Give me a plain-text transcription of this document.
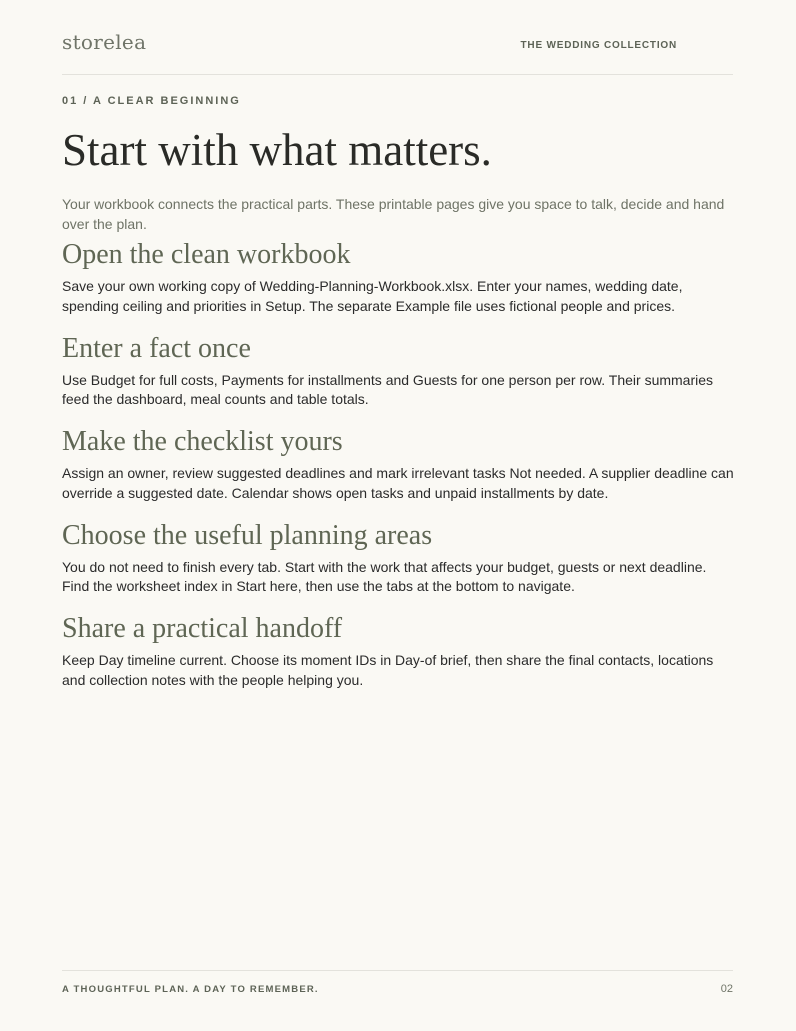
storelea	THE WEDDING COLLECTION
01 / A CLEAR BEGINNING
Start with what matters.

Your workbook connects the practical parts. These printable pages give you space to talk, decide and hand over the plan.

Open the clean workbook

Save your own working copy of Wedding-Planning-Workbook.xlsx. Enter your names, wedding date, spending ceiling and priorities in Setup. The separate Example file uses fictional people and prices.

Enter a fact once

Use Budget for full costs, Payments for installments and Guests for one person per row. Their summaries feed the dashboard, meal counts and table totals.

Make the checklist yours

Assign an owner, review suggested deadlines and mark irrelevant tasks Not needed. A supplier deadline can override a suggested date. Calendar shows open tasks and unpaid installments by date.

Choose the useful planning areas

You do not need to finish every tab. Start with the work that affects your budget, guests or next deadline. Find the worksheet index in Start here, then use the tabs at the bottom to navigate.

Share a practical handoff

Keep Day timeline current. Choose its moment IDs in Day-of brief, then share the final contacts, locations and collection notes with the people helping you.

A THOUGHTFUL PLAN. A DAY TO REMEMBER.	02
